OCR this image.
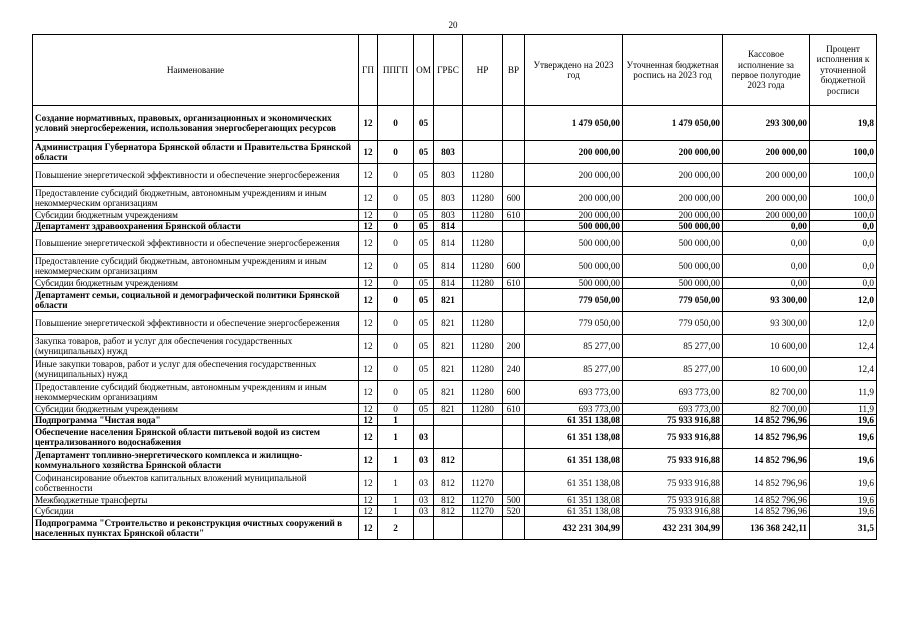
20
Наименование	ГП	ППГП	ОМ	ГРБС	НР	ВР	Утверждено на 2023 год	Уточненная бюджетная роспись на 2023 год	Кассовое исполнение за первое полугодие 2023 года	Процент исполнения к уточненной бюджетной росписи
Создание нормативных, правовых, организационных и экономических условий энергосбережения, использования энергосберегающих ресурсов	12	0	05				1 479 050,00	1 479 050,00	293 300,00	19,8
Администрация Губернатора Брянской области и Правительства Брянской области	12	0	05	803			200 000,00	200 000,00	200 000,00	100,0
Повышение энергетической эффективности и обеспечение энергосбережения	12	0	05	803	11280		200 000,00	200 000,00	200 000,00	100,0
Предоставление субсидий бюджетным, автономным учреждениям и иным некоммерческим организациям	12	0	05	803	11280	600	200 000,00	200 000,00	200 000,00	100,0
Субсидии бюджетным учреждениям	12	0	05	803	11280	610	200 000,00	200 000,00	200 000,00	100,0
Департамент здравоохранения Брянской области	12	0	05	814			500 000,00	500 000,00	0,00	0,0
Повышение энергетической эффективности и обеспечение энергосбережения	12	0	05	814	11280		500 000,00	500 000,00	0,00	0,0
Предоставление субсидий бюджетным, автономным учреждениям и иным некоммерческим организациям	12	0	05	814	11280	600	500 000,00	500 000,00	0,00	0,0
Субсидии бюджетным учреждениям	12	0	05	814	11280	610	500 000,00	500 000,00	0,00	0,0
Департамент семьи, социальной и демографической политики Брянской области	12	0	05	821			779 050,00	779 050,00	93 300,00	12,0
Повышение энергетической эффективности и обеспечение энергосбережения	12	0	05	821	11280		779 050,00	779 050,00	93 300,00	12,0
Закупка товаров, работ и услуг для обеспечения государственных (муниципальных) нужд	12	0	05	821	11280	200	85 277,00	85 277,00	10 600,00	12,4
Иные закупки товаров, работ и услуг для обеспечения государственных (муниципальных) нужд	12	0	05	821	11280	240	85 277,00	85 277,00	10 600,00	12,4
Предоставление субсидий бюджетным, автономным учреждениям и иным некоммерческим организациям	12	0	05	821	11280	600	693 773,00	693 773,00	82 700,00	11,9
Субсидии бюджетным учреждениям	12	0	05	821	11280	610	693 773,00	693 773,00	82 700,00	11,9
Подпрограмма "Чистая вода"	12	1					61 351 138,08	75 933 916,88	14 852 796,96	19,6
Обеспечение населения Брянской области питьевой водой из систем централизованного водоснабжения	12	1	03				61 351 138,08	75 933 916,88	14 852 796,96	19,6
Департамент топливно-энергетического комплекса и жилищно-коммунального хозяйства Брянской области	12	1	03	812			61 351 138,08	75 933 916,88	14 852 796,96	19,6
Софинансирование объектов капитальных вложений муниципальной собственности	12	1	03	812	11270		61 351 138,08	75 933 916,88	14 852 796,96	19,6
Межбюджетные трансферты	12	1	03	812	11270	500	61 351 138,08	75 933 916,88	14 852 796,96	19,6
Субсидии	12	1	03	812	11270	520	61 351 138,08	75 933 916,88	14 852 796,96	19,6
Подпрограмма "Строительство и реконструкция очистных сооружений в населенных пунктах Брянской области"	12	2					432 231 304,99	432 231 304,99	136 368 242,11	31,5
